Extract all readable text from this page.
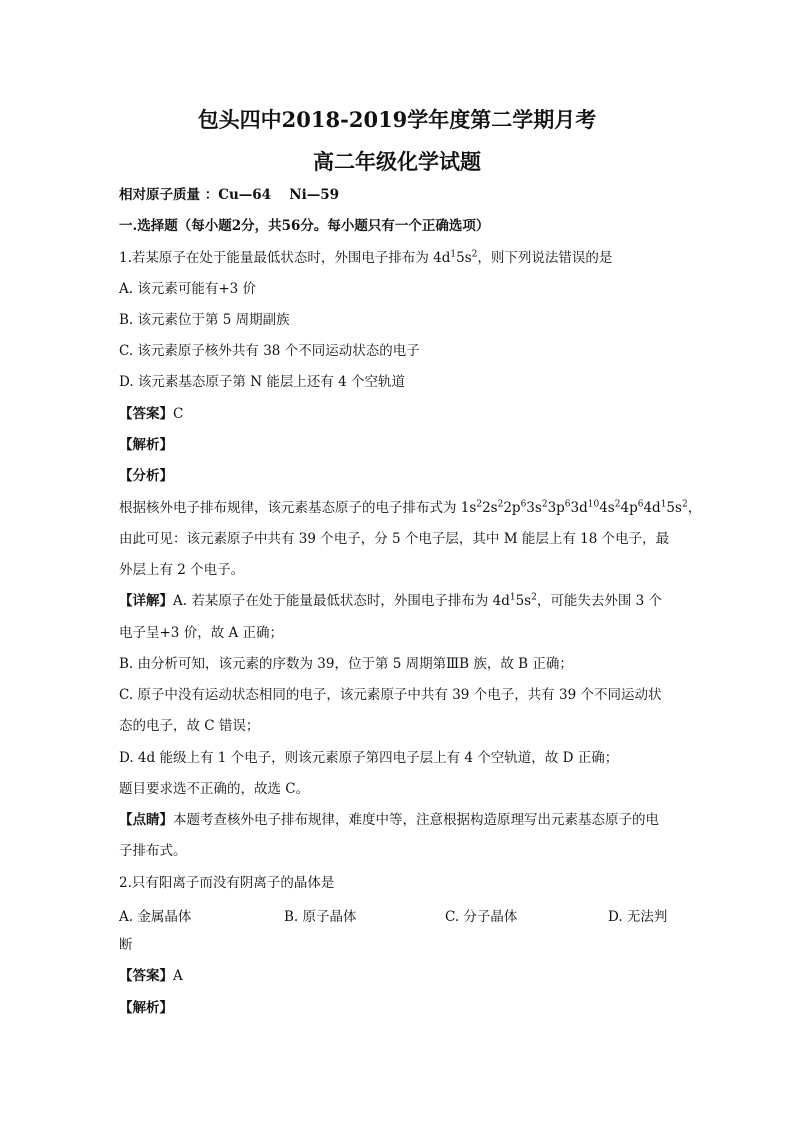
包头四中2018-2019学年度第二学期月考
高二年级化学试题
相对原子质量 ：Cu—64　 Ni—59
一.选择题（每小题2分，共56分。每小题只有一个正确选项）
1.若某原子在处于能量最低状态时，外围电子排布为 $4d^15s^2$，则下列说法错误的是
A. 该元素可能有+3 价
B. 该元素位于第 5 周期副族
C. 该元素原子核外共有 38 个不同运动状态的电子
D. 该元素基态原子第 N 能层上还有 4 个空轨道
【答案】C
【解析】
【分析】
根据核外电子排布规律，该元素基态原子的电子排布式为 $1s^22s^22p^63s^23p^63d^{10}4s^24p^64d^15s^2$，
由此可见：该元素原子中共有 39 个电子，分 5 个电子层，其中 M 能层上有 18 个电子，最
外层上有 2 个电子。
【详解】A. 若某原子在处于能量最低状态时，外围电子排布为 $4d^15s^2$，可能失去外围 3 个
电子呈+3 价，故 A 正确；
B. 由分析可知，该元素的序数为 39，位于第 5 周期第ⅢB 族，故 B 正确；
C. 原子中没有运动状态相同的电子，该元素原子中共有 39 个电子，共有 39 个不同运动状
态的电子，故 C 错误；
D. 4d 能级上有 1 个电子，则该元素原子第四电子层上有 4 个空轨道，故 D 正确；
题目要求选不正确的，故选 C。
【点睛】本题考查核外电子排布规律，难度中等，注意根据构造原理写出元素基态原子的电
子排布式。
2.只有阳离子而没有阴离子的晶体是
A. 金属晶体	B. 原子晶体	C. 分子晶体	D. 无法判
断
【答案】A
【解析】
